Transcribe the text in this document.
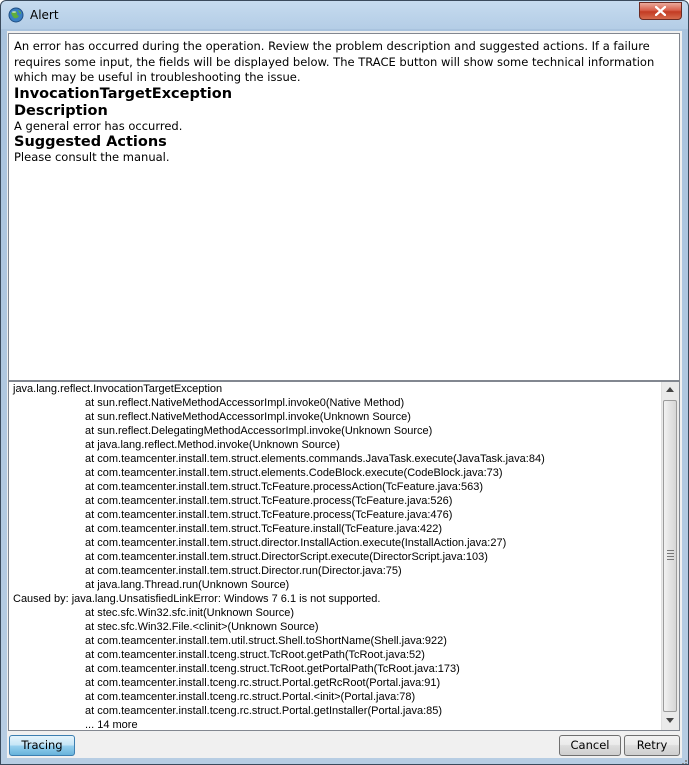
Alert

An error has occurred during the operation. Review the problem description and suggested actions. If a failure requires some input, the fields will be displayed below. The TRACE button will show some technical information which may be useful in troubleshooting the issue.

InvocationTargetException

Description

A general error has occurred.

Suggested Actions

Please consult the manual.

java.lang.reflect.InvocationTargetException
at sun.reflect.NativeMethodAccessorImpl.invoke0(Native Method)
at sun.reflect.NativeMethodAccessorImpl.invoke(Unknown Source)
at sun.reflect.DelegatingMethodAccessorImpl.invoke(Unknown Source)
at java.lang.reflect.Method.invoke(Unknown Source)
at com.teamcenter.install.tem.struct.elements.commands.JavaTask.execute(JavaTask.java:84)
at com.teamcenter.install.tem.struct.elements.CodeBlock.execute(CodeBlock.java:73)
at com.teamcenter.install.tem.struct.TcFeature.processAction(TcFeature.java:563)
at com.teamcenter.install.tem.struct.TcFeature.process(TcFeature.java:526)
at com.teamcenter.install.tem.struct.TcFeature.process(TcFeature.java:476)
at com.teamcenter.install.tem.struct.TcFeature.install(TcFeature.java:422)
at com.teamcenter.install.tem.struct.director.InstallAction.execute(InstallAction.java:27)
at com.teamcenter.install.tem.struct.DirectorScript.execute(DirectorScript.java:103)
at com.teamcenter.install.tem.struct.Director.run(Director.java:75)
at java.lang.Thread.run(Unknown Source)
Caused by: java.lang.UnsatisfiedLinkError: Windows 7 6.1 is not supported.
at stec.sfc.Win32.sfc.init(Unknown Source)
at stec.sfc.Win32.File.<clinit>(Unknown Source)
at com.teamcenter.install.tem.util.struct.Shell.toShortName(Shell.java:922)
at com.teamcenter.install.tceng.struct.TcRoot.getPath(TcRoot.java:52)
at com.teamcenter.install.tceng.struct.TcRoot.getPortalPath(TcRoot.java:173)
at com.teamcenter.install.tceng.rc.struct.Portal.getRcRoot(Portal.java:91)
at com.teamcenter.install.tceng.rc.struct.Portal.<init>(Portal.java:78)
at com.teamcenter.install.tceng.rc.struct.Portal.getInstaller(Portal.java:85)
... 14 more
Tracing	Cancel	Retry
